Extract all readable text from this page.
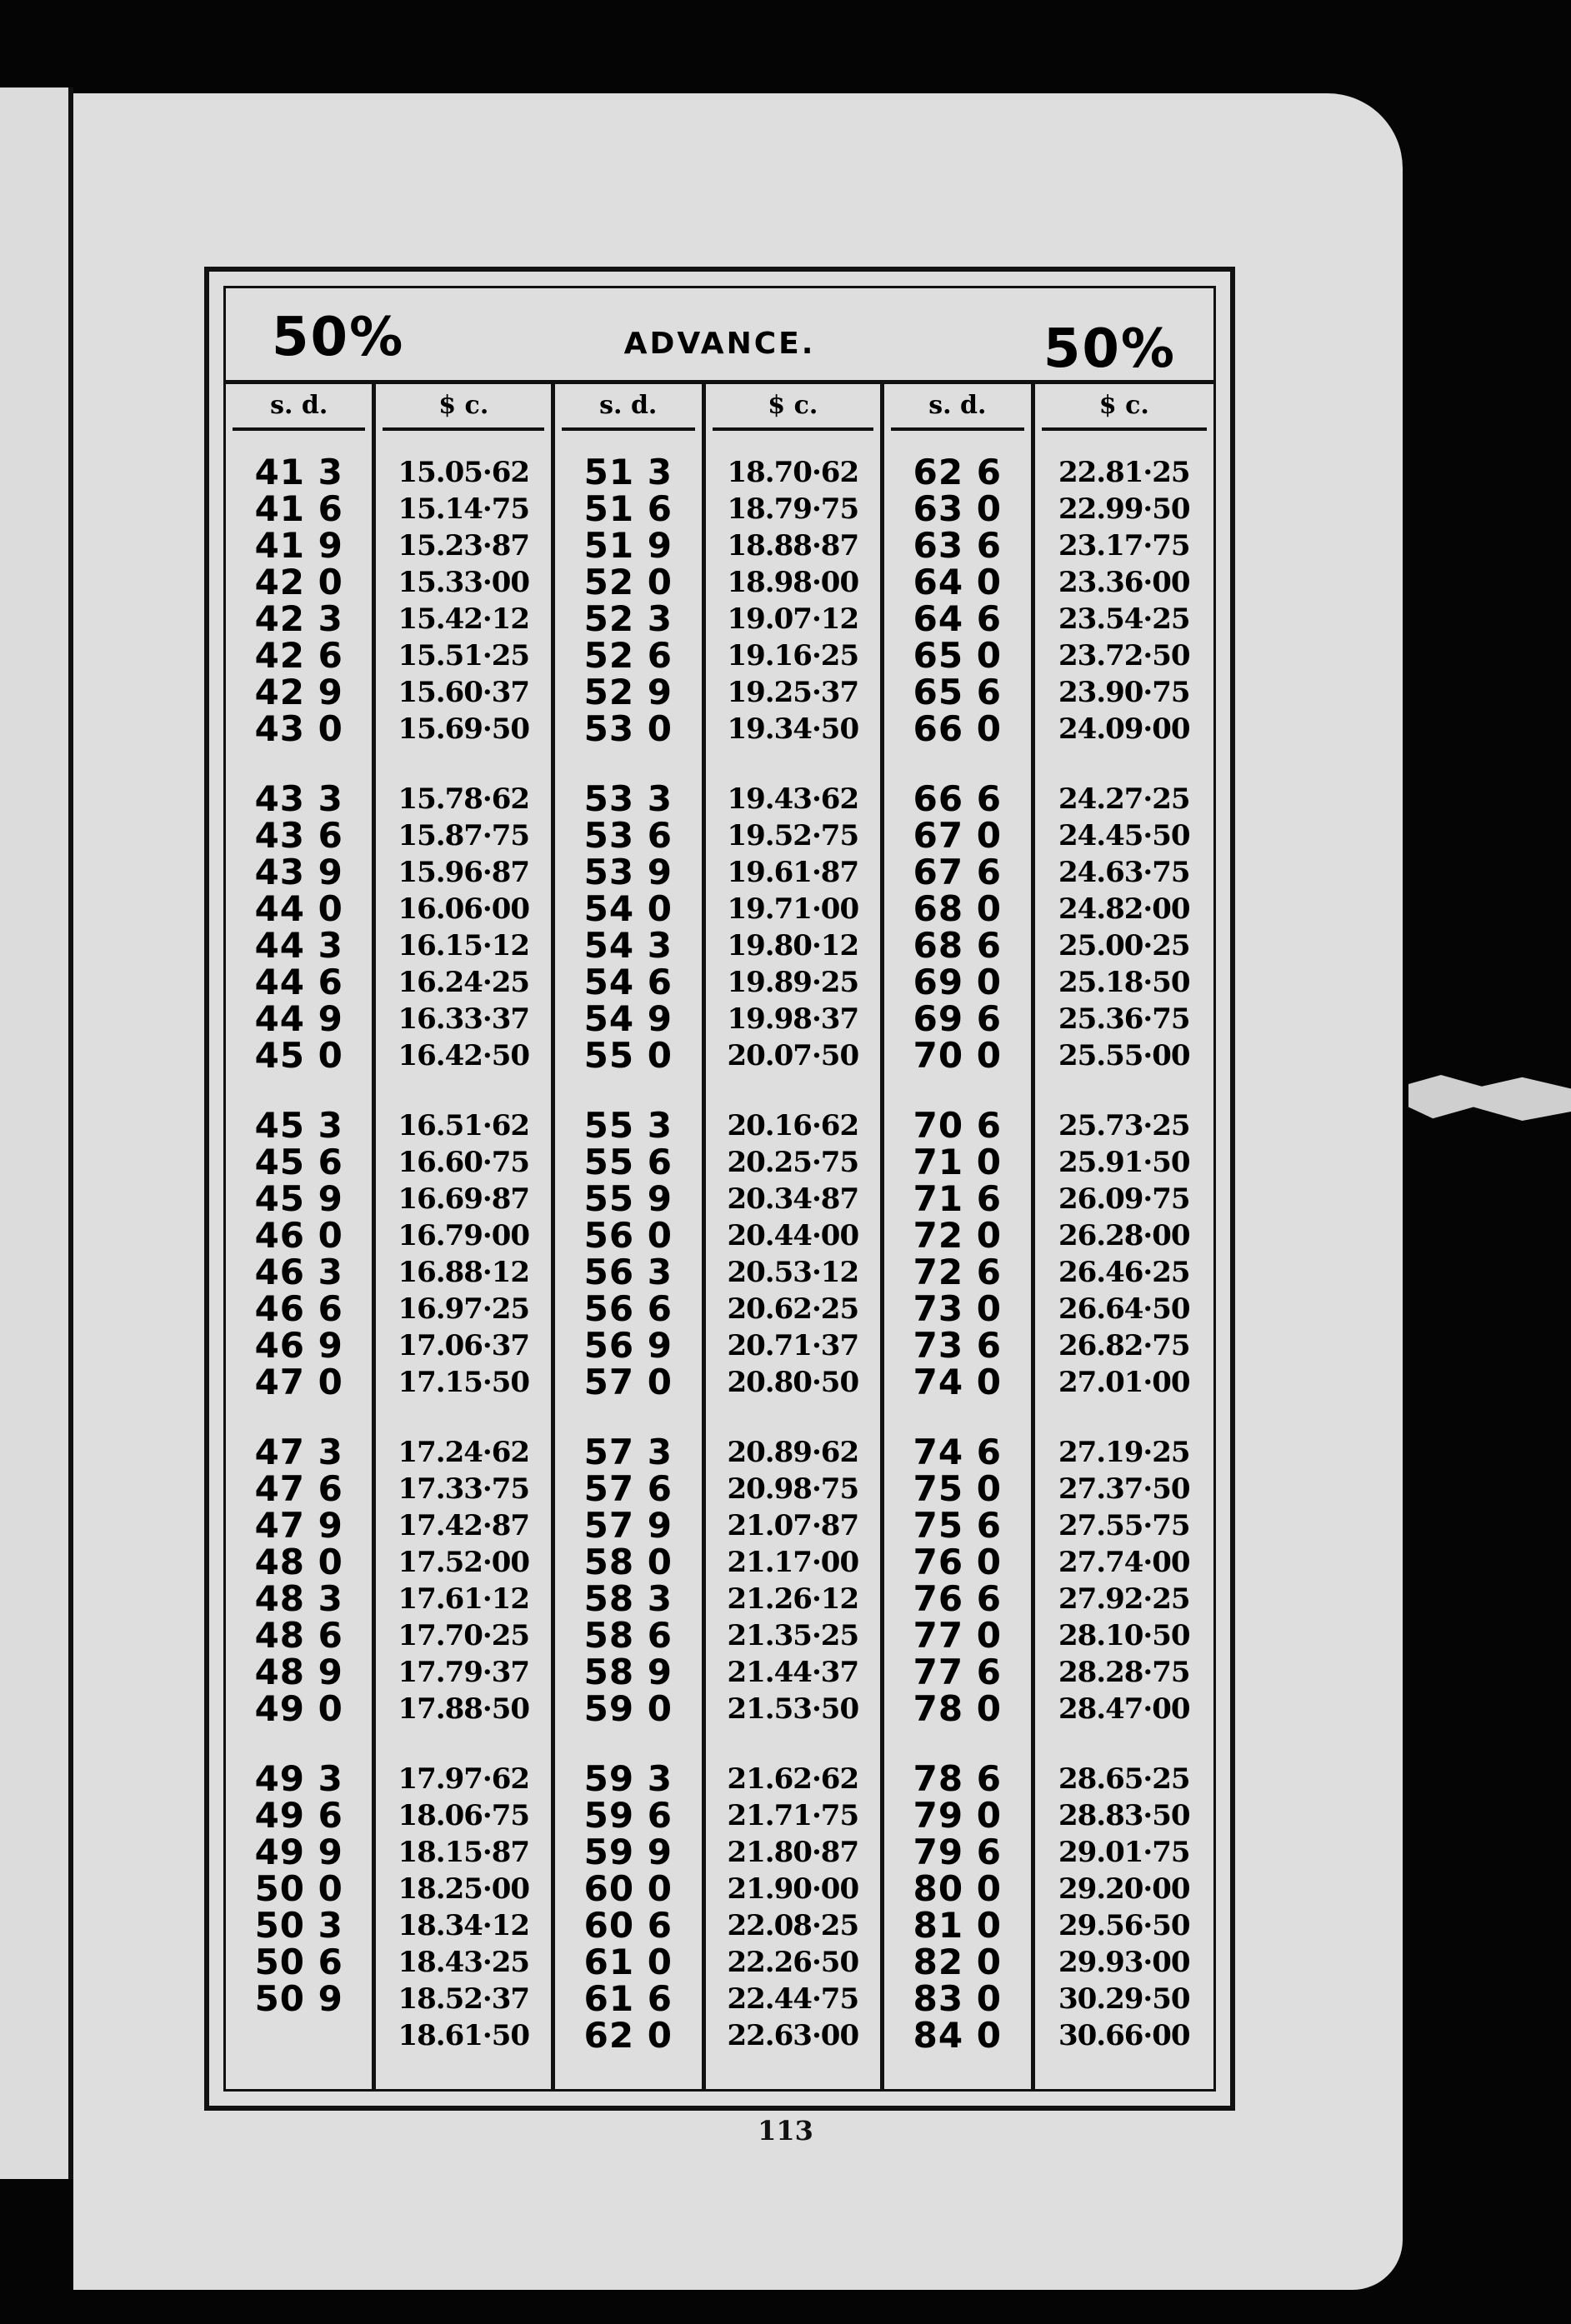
50%	ADVANCE.	50%
s. d.
41 3
41 6
41 9
42 0
42 3
42 6
42 9
43 0
43 3
43 6
43 9
44 0
44 3
44 6
44 9
45 0
45 3
45 6
45 9
46 0
46 3
46 6
46 9
47 0
47 3
47 6
47 9
48 0
48 3
48 6
48 9
49 0
49 3
49 6
49 9
50 0
50 3
50 6
50 9
$ c.
15.05·62
15.14·75
15.23·87
15.33·00
15.42·12
15.51·25
15.60·37
15.69·50
15.78·62
15.87·75
15.96·87
16.06·00
16.15·12
16.24·25
16.33·37
16.42·50
16.51·62
16.60·75
16.69·87
16.79·00
16.88·12
16.97·25
17.06·37
17.15·50
17.24·62
17.33·75
17.42·87
17.52·00
17.61·12
17.70·25
17.79·37
17.88·50
17.97·62
18.06·75
18.15·87
18.25·00
18.34·12
18.43·25
18.52·37
18.61·50
s. d.
51 3
51 6
51 9
52 0
52 3
52 6
52 9
53 0
53 3
53 6
53 9
54 0
54 3
54 6
54 9
55 0
55 3
55 6
55 9
56 0
56 3
56 6
56 9
57 0
57 3
57 6
57 9
58 0
58 3
58 6
58 9
59 0
59 3
59 6
59 9
60 0
60 6
61 0
61 6
62 0
$ c.
18.70·62
18.79·75
18.88·87
18.98·00
19.07·12
19.16·25
19.25·37
19.34·50
19.43·62
19.52·75
19.61·87
19.71·00
19.80·12
19.89·25
19.98·37
20.07·50
20.16·62
20.25·75
20.34·87
20.44·00
20.53·12
20.62·25
20.71·37
20.80·50
20.89·62
20.98·75
21.07·87
21.17·00
21.26·12
21.35·25
21.44·37
21.53·50
21.62·62
21.71·75
21.80·87
21.90·00
22.08·25
22.26·50
22.44·75
22.63·00
s. d.
62 6
63 0
63 6
64 0
64 6
65 0
65 6
66 0
66 6
67 0
67 6
68 0
68 6
69 0
69 6
70 0
70 6
71 0
71 6
72 0
72 6
73 0
73 6
74 0
74 6
75 0
75 6
76 0
76 6
77 0
77 6
78 0
78 6
79 0
79 6
80 0
81 0
82 0
83 0
84 0
$ c.
22.81·25
22.99·50
23.17·75
23.36·00
23.54·25
23.72·50
23.90·75
24.09·00
24.27·25
24.45·50
24.63·75
24.82·00
25.00·25
25.18·50
25.36·75
25.55·00
25.73·25
25.91·50
26.09·75
26.28·00
26.46·25
26.64·50
26.82·75
27.01·00
27.19·25
27.37·50
27.55·75
27.74·00
27.92·25
28.10·50
28.28·75
28.47·00
28.65·25
28.83·50
29.01·75
29.20·00
29.56·50
29.93·00
30.29·50
30.66·00
113
